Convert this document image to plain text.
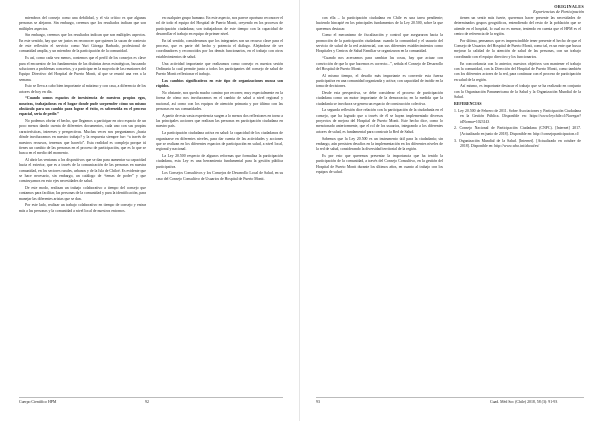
miembros del consejo como una debilidad, y el vía crítico es que algunas personas se alejaron. Sin embargo, creemos que los resultados indican que son múltiples aspectos.

Sin embargo, creemos que los resultados indican que son múltiples aspectos. En este sentido, hay que ser justos en reconocer que quienes la sacan de contexto de este reflexión el servicio como Yuri Gávaga Barbado, profesional de comunidad amplía, y un miembro de la participación de la comunidad.

Es así, como cada vez menos, contemos que el perfil de los consejos es clave para el encuentro de los fundamentos de las distintas áreas estratégicas, buscando soluciones a problemas concretos, y a participar en la mayoría de las reuniones del Equipo Directivo del Hospital de Puerto Montt, al que se reunió una vez a la semana.

Esto se lleva a cabo bien importante al máximo y con casa, a diferencia de los actores de hoy en día.

“Cuando somos espacios de inexistencia de nuestros propios egos, nosotras, trabajadoras en el hogar donde pude sorprender cómo un mismo obstáculo para un cambio para lograr el éxito, es sobreseída en el proceso espacial, sería de pedir.”

No podemos obviar el hecho, que llegamos a participar en otro espacio de un poco menos dando cuenta de diferentes documentos, cada uno con sus propias características, intereses y perspectivas. Muchas veces nos preguntamos ¿hasta dónde involucramos en nuestro trabajo? y la respuesta siempre fue: “a través de nuestros recursos, tenemos que hacerlo”. Esta realidad es compleja porque tú tienes un cambio de las personas en el proceso de participación, que es lo que se busca en el medio del momento.

Al abrir las ventanas a los dispositivos que se dan para aumentar su capacidad hacia el exterior, que es a través de la comunicación de las personas en nuestra comunidad, en los sectores rurales, urbanos y de la Isla de Chiloé. Es evidente que se hace necesario, sin embargo, un catálogo de “temas de poder” y que construyamos en esto ejes necesidades de salud.

De este modo, realizan un trabajo colaborativo a tiempo del consejo que contamos para facilitar, las personas de la comunidad y para la identificación, para manejar las diferentes aristas que se dan.

Por este lado, realizar un trabajo colaborativo en tiempo de consejo y entrar más a las personas y la comunidad a nivel local de nuestros entornos.

en cualquier grupo humano. En este aspecto, nos parece oportuno reconocer el rol de todo el equipo del Hospital de Puerto Montt, creyendo en los procesos de participación ciudadana; son trabajadoras de este tiempo con la capacidad de desarrollar el trabajo en equipo de primer nivel.

En tal sentido, consideramos que los integrantes son un recurso clave para el proceso, que es parte del hecho y potencia el diálogo. Alejándose de ser coordinadores y reconocidos por los demás funcionarios, en el trabajo con otros establecimientos de salud.

Una actividad importante que realizamos como consejo es nuestra sesión Ordinaria la cual permite junto a todos los participantes del consejo de salud de Puerto Montt reflexionar el trabajo.

Los cambios significativos en este tipo de organizaciones nunca son rápidos.

No obstante, nos queda mucho camino por recorrer, muy especialmente en la forma de cómo nos involucramos en el cambio de salud a nivel regional y nacional, así como con los equipos de atención primaria y por último con las personas en sus comunidades.

A partir de esta vasta experiencia surgen a lo menos dos reflexiones en torno a las principales acciones que realizan las personas en participación ciudadana en nuestro país.

La participación ciudadana activa en salud: la capacidad de los ciudadanos de organizarse en diferentes niveles, para dar cuenta de las actividades y acciones que se realizan en los diferentes espacios de participación en salud, a nivel local, regional y nacional.

La Ley 20.500 respecto de algunos reformas que formaliza la participación ciudadana, esta Ley es una herramienta fundamental para la gestión pública participativa.

Los Consejos Consultivos y los Consejos de Desarrollo Local de Salud, en su caso del Consejo Consultivo de Usuarios de Hospital de Puerto Montt.

Cuerpo Científico HPM	92
ORIGINALES
Experiencias de Participación

con ella – la participación ciudadana en Chile es una tarea pendiente; haciendo hincapié en los principales fundamentos de la Ley 20.500, sobre la que queremos destacar.

Como el mecanismo de fiscalización y control que aseguraron hacia la promoción de la participación ciudadana: cuando la comunidad y el usuario del servicio de salud de la red asistencial, con sus diferentes establecimientos como Hospitales y Centros de Salud Familiar se organizaron en la comunidad.

“Cuando nos acercamos para cambiar las cosas, hay que actuar con convicción de que lo que hacemos es correcto...”, señala el Consejo de Desarrollo del Hospital de Puerto Montt.

Al mismo tiempo, el desafío más importante es convertir esta fuerza participativa en una comunidad organizada y activa; con capacidad de incidir en la toma de decisiones.

Desde esta perspectiva, se debe considerar el proceso de participación ciudadana como un motor importante de la democracia; en la medida que la ciudadanía se involucra se genera un espacio de construcción colectiva.

La segunda reflexión dice relación con la participación de la ciudadanía en el consejo, que ha logrado que a través de él se hayan implementado diversos proyectos de mejora del Hospital de Puerto Montt. Este hecho dice, como lo mencionado anteriormente, que el rol de los usuarios, integrando a los diferentes actores de salud, es fundamental para construir la Red de Salud.

Sabemos que la Ley 20.500 es un instrumento útil para la ciudadanía; sin embargo, aún persisten desafíos en la implementación en los diferentes niveles de la red de salud, considerando la diversidad territorial de la región.

Es por esto que queremos presentar la importancia que ha tenido la participación de la comunidad, a través del Consejo Consultivo, en la gestión del Hospital de Puerto Montt durante los últimos años, en cuanto al trabajo con los equipos de salud.

tienen un sentir más fuerte, queremos hacer presente las necesidades de determinados grupos geográficos, entendiendo del resto de la población que se atiende en el hospital, lo cual no es menor, teniendo en cuenta que el HPM es el centro de referencia de la región.

Por último, pensamos que es imprescindible tener presente el hecho de que el Consejo de Usuarios del Hospital de Puerto Montt, como tal, es un ente que busca mejorar la calidad de la atención de salud de las personas, con un trabajo coordinado con el equipo directivo y los funcionarios.

En concordancia con lo anterior, nuestros objetivos son mantener el trabajo con la comunidad, con la Dirección del Hospital de Puerto Montt, como también con los diferentes actores de la red, para continuar con el proceso de participación en salud de la región.

Así mismo, es importante destacar el trabajo que se ha realizado en conjunto con la Organización Panamericana de la Salud y la Organización Mundial de la Salud.

REFERENCIAS

1. Ley 20.500 de Febrero de 2011. Sobre Asociaciones y Participación Ciudadana en la Gestión Pública. Disponible en: https://www.leychile.cl/Navegar?idNorma=1023143

2. Consejo Nacional de Participación Ciudadana (CNPC). [Internet] 2017. [Actualizado en junio de 2018]. Disponible en: http://consejoparticipacion.cl/

3. Organización Mundial de la Salud. [Internet]. [Actualizado en octubre de 2018]. Disponible en: http://www.who.int/about/es/

93	Cuad. Méd Soc (Chile) 2018, 58 (3): 91-93
